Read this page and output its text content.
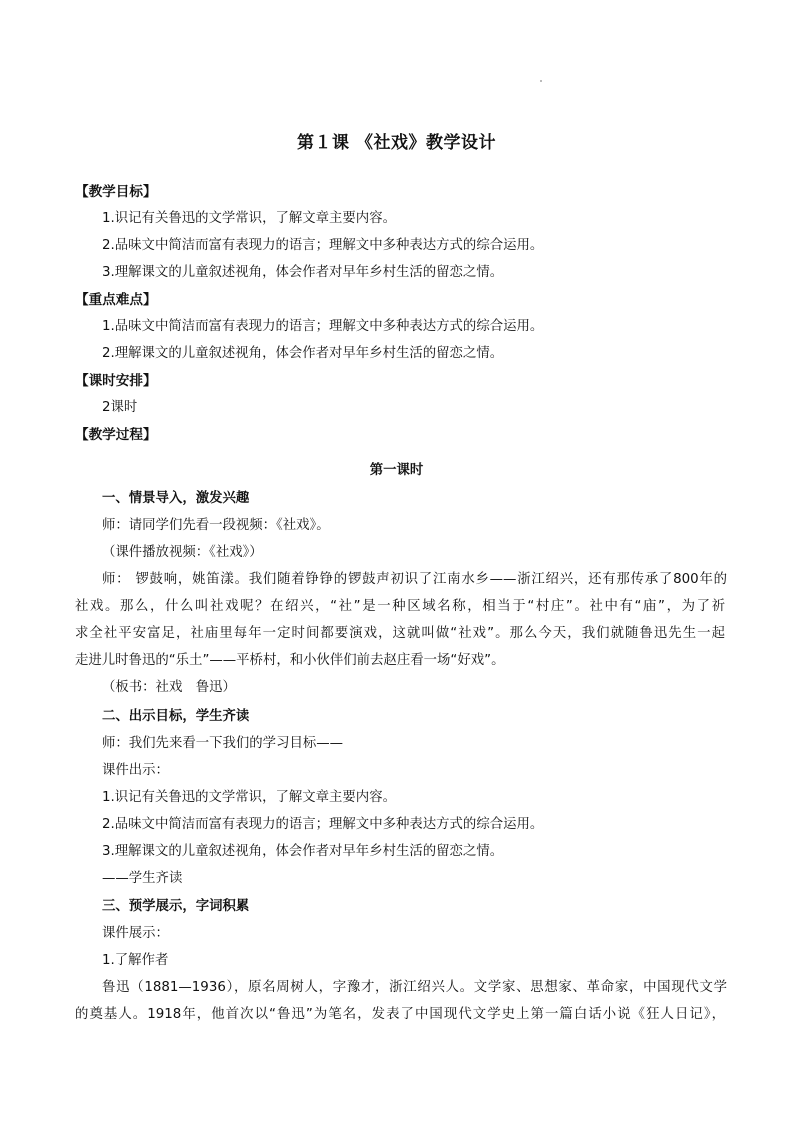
第１课 《社戏》教学设计
【教学目标】
1.识记有关鲁迅的文学常识，了解文章主要内容。
2.品味文中简洁而富有表现力的语言；理解文中多种表达方式的综合运用。
3.理解课文的儿童叙述视角，体会作者对早年乡村生活的留恋之情。
【重点难点】
1.品味文中简洁而富有表现力的语言；理解文中多种表达方式的综合运用。
2.理解课文的儿童叙述视角，体会作者对早年乡村生活的留恋之情。
【课时安排】
2课时
【教学过程】
第一课时
一、情景导入，激发兴趣
师：请同学们先看一段视频：《社戏》。
（课件播放视频：《社戏》）
师： 锣鼓响，姚笛漾。我们随着铮铮的锣鼓声初识了江南水乡——浙江绍兴，还有那传承了800年的
社戏。那么，什么叫社戏呢？在绍兴，“社”是一种区域名称，相当于“村庄”。社中有“庙”，为了祈
求全社平安富足，社庙里每年一定时间都要演戏，这就叫做“社戏”。那么今天，我们就随鲁迅先生一起
走进儿时鲁迅的“乐土”——平桥村，和小伙伴们前去赵庄看一场“好戏”。
（板书：社戏　鲁迅）
二、出示目标，学生齐读
师：我们先来看一下我们的学习目标——
课件出示：
1.识记有关鲁迅的文学常识，了解文章主要内容。
2.品味文中简洁而富有表现力的语言；理解文中多种表达方式的综合运用。
3.理解课文的儿童叙述视角，体会作者对早年乡村生活的留恋之情。
——学生齐读
三、预学展示，字词积累
课件展示：
1.了解作者
鲁迅（1881—1936），原名周树人，字豫才，浙江绍兴人。文学家、思想家、革命家，中国现代文学
的奠基人。1918年，他首次以“鲁迅”为笔名，发表了中国现代文学史上第一篇白话小说《狂人日记》，
